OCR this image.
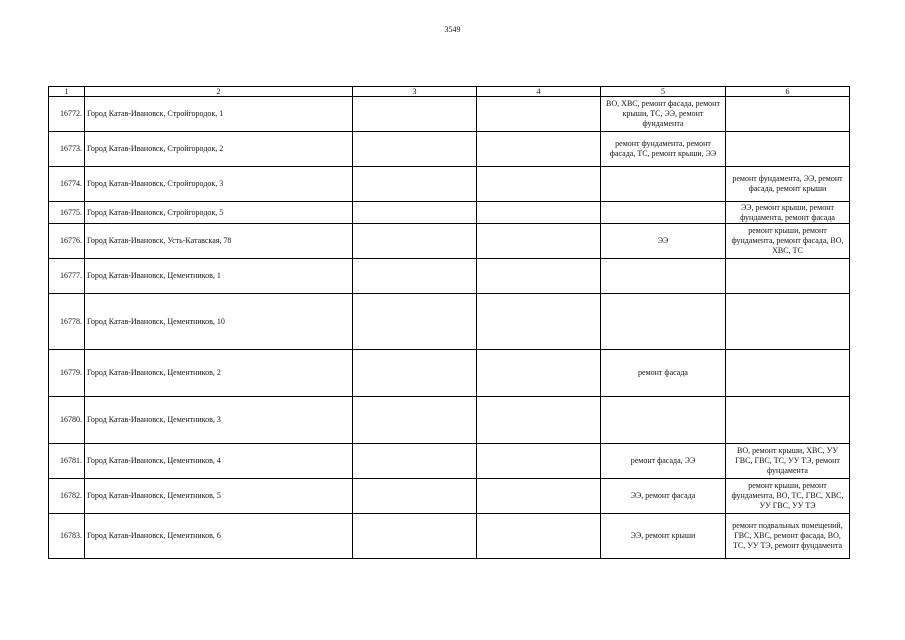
3549
1	2	3	4	5	6
16772.	Город Катав-Ивановск, Стройгородок, 1			ВО, ХВС, ремонт фасада, ремонт крыши, ТС, ЭЭ, ремонт фундамента	
16773.	Город Катав-Ивановск, Стройгородок, 2			ремонт фундамента, ремонт фасада, ТС, ремонт крыши, ЭЭ	
16774.	Город Катав-Ивановск, Стройгородок, 3				ремонт фундамента, ЭЭ, ремонт фасада, ремонт крыши
16775.	Город Катав-Ивановск, Стройгородок, 5				ЭЭ, ремонт крыши, ремонт фундамента, ремонт фасада
16776.	Город Катав-Ивановск, Усть-Катавская, 78			ЭЭ	ремонт крыши, ремонт фундамента, ремонт фасада, ВО, ХВС, ТС
16777.	Город Катав-Ивановск, Цементников, 1				
16778.	Город Катав-Ивановск, Цементников, 10				
16779.	Город Катав-Ивановск, Цементников, 2			ремонт фасада	
16780.	Город Катав-Ивановск, Цементников, 3				
16781.	Город Катав-Ивановск, Цементников, 4			ремонт фасада, ЭЭ	ВО, ремонт крыши, ХВС, УУ ГВС, ГВС, ТС, УУ ТЭ, ремонт фундамента
16782.	Город Катав-Ивановск, Цементников, 5			ЭЭ, ремонт фасада	ремонт крыши, ремонт фундамента, ВО, ТС, ГВС, ХВС, УУ ГВС, УУ ТЭ
16783.	Город Катав-Ивановск, Цементников, 6			ЭЭ, ремонт крыши	ремонт подвальных помещений, ГВС, ХВС, ремонт фасада, ВО, ТС, УУ ТЭ, ремонт фундамента
